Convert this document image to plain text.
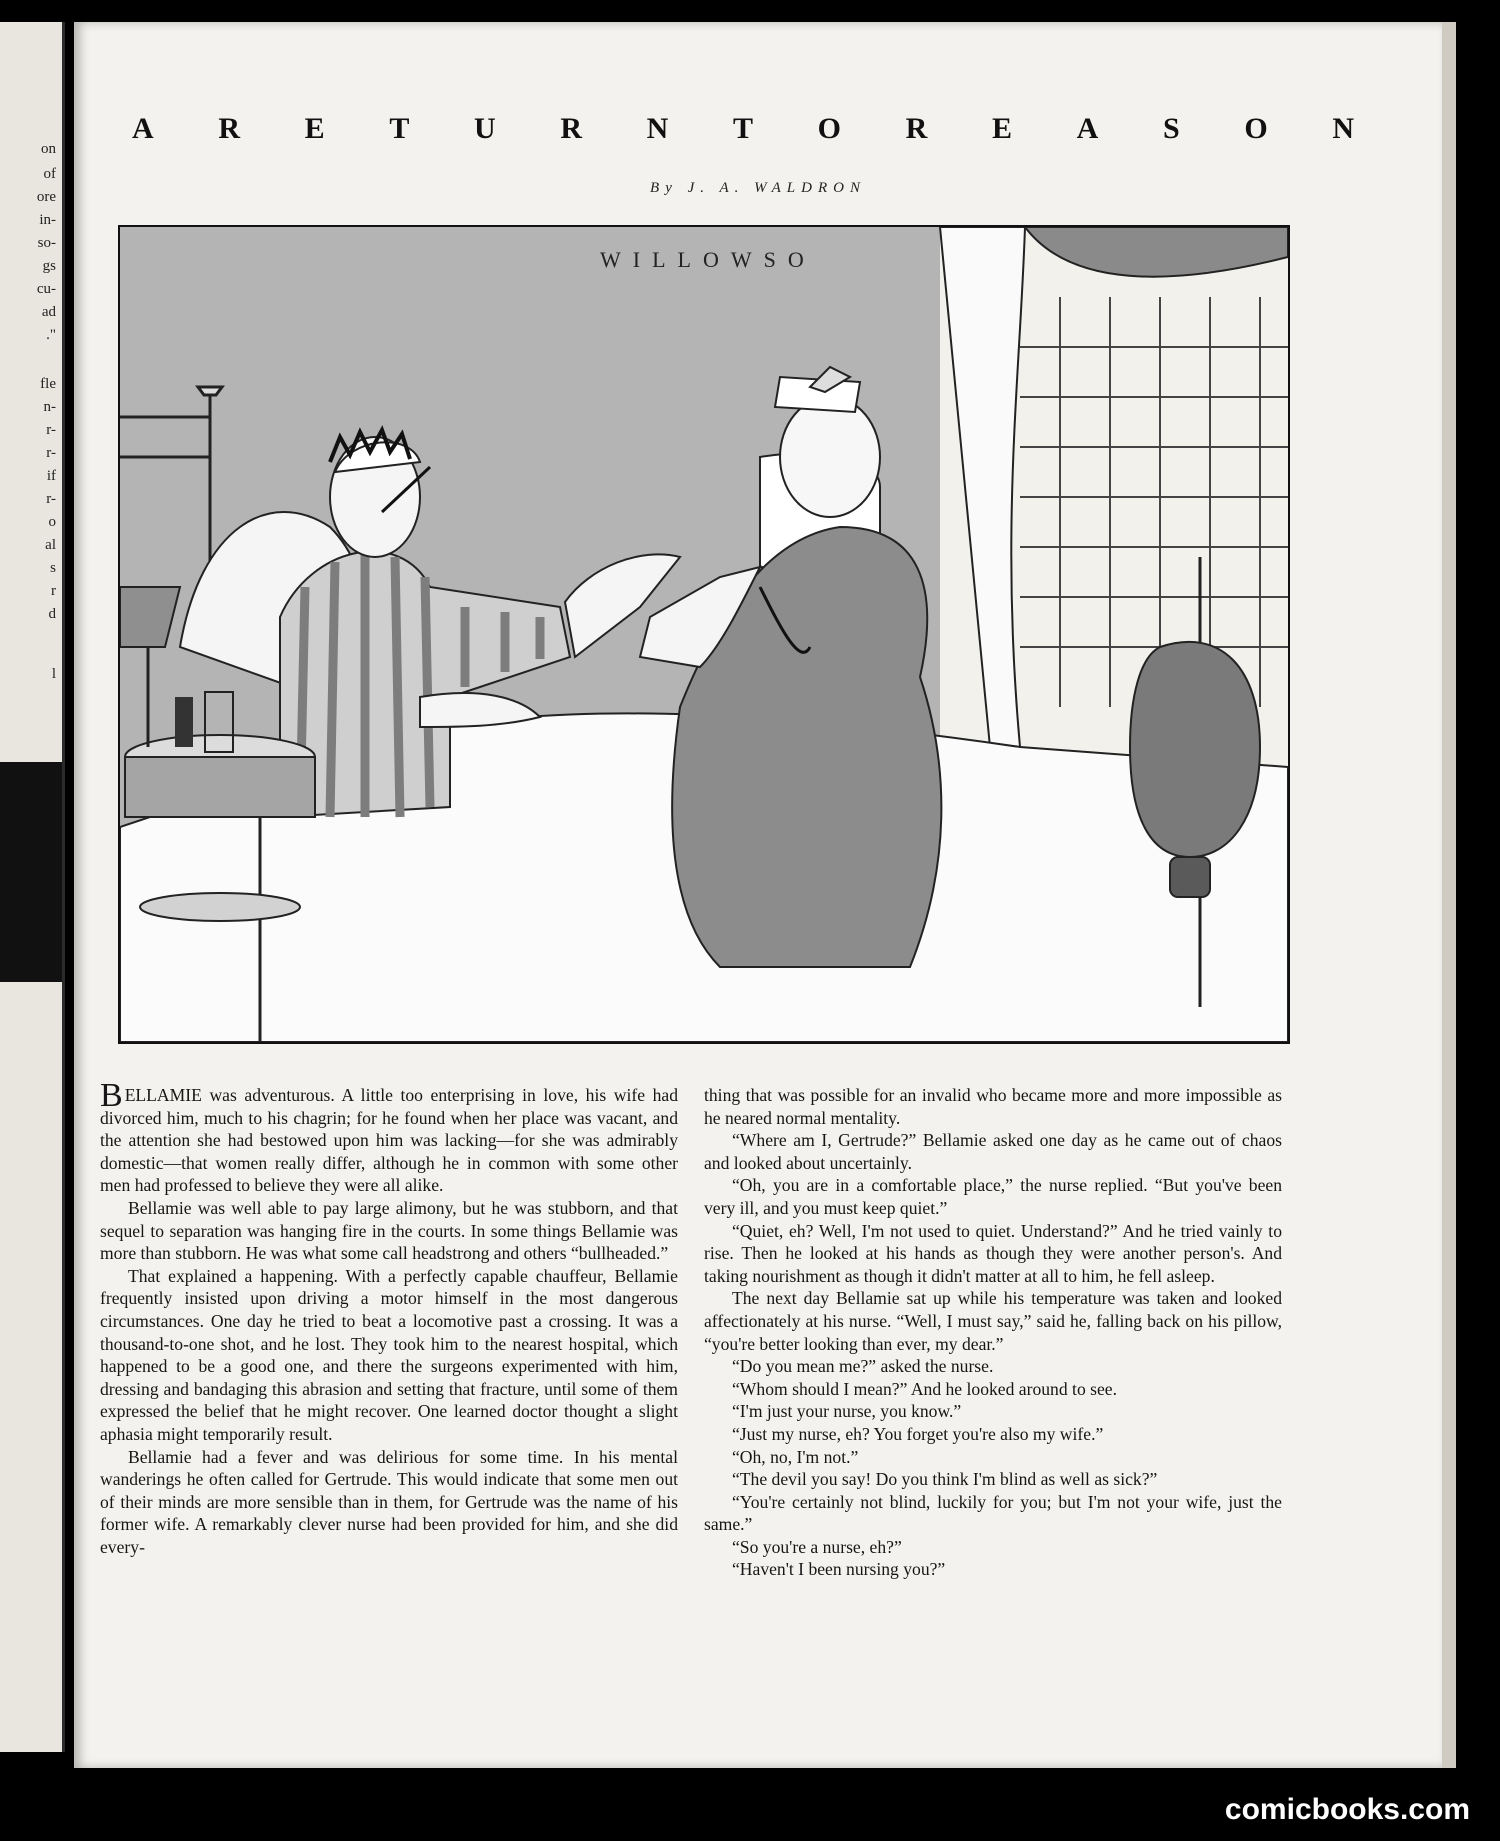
on
of
ore
in-
so-
gs
cu-
ad
."
fle
n-
r-
r-
if
r-
o
al
s
r
d
l
A R E T U R N T O R E A S O N
By J. A. WALDRON
WILLOWSO

BELLAMIE was adventurous. A little too enterprising in love, his wife had divorced him, much to his chagrin; for he found when her place was vacant, and the attention she had bestowed upon him was lacking—for she was admirably domestic—that women really differ, although he in common with some other men had professed to believe they were all alike.

Bellamie was well able to pay large alimony, but he was stubborn, and that sequel to separation was hanging fire in the courts. In some things Bellamie was more than stubborn. He was what some call headstrong and others “bullheaded.”

That explained a happening. With a perfectly capable chauffeur, Bellamie frequently insisted upon driving a motor himself in the most dangerous circumstances. One day he tried to beat a locomotive past a crossing. It was a thousand-to-one shot, and he lost. They took him to the nearest hospital, which happened to be a good one, and there the surgeons experimented with him, dressing and bandaging this abrasion and setting that fracture, until some of them expressed the belief that he might recover. One learned doctor thought a slight aphasia might temporarily result.

Bellamie had a fever and was delirious for some time. In his mental wanderings he often called for Gertrude. This would indicate that some men out of their minds are more sensible than in them, for Gertrude was the name of his former wife. A remarkably clever nurse had been provided for him, and she did every-

thing that was possible for an invalid who became more and more impossible as he neared normal mentality.

“Where am I, Gertrude?” Bellamie asked one day as he came out of chaos and looked about uncertainly.

“Oh, you are in a comfortable place,” the nurse replied. “But you've been very ill, and you must keep quiet.”

“Quiet, eh? Well, I'm not used to quiet. Understand?” And he tried vainly to rise. Then he looked at his hands as though they were another person's. And taking nourishment as though it didn't matter at all to him, he fell asleep.

The next day Bellamie sat up while his temperature was taken and looked affectionately at his nurse. “Well, I must say,” said he, falling back on his pillow, “you're better looking than ever, my dear.”

“Do you mean me?” asked the nurse.

“Whom should I mean?” And he looked around to see.

“I'm just your nurse, you know.”

“Just my nurse, eh? You forget you're also my wife.”

“Oh, no, I'm not.”

“The devil you say! Do you think I'm blind as well as sick?”

“You're certainly not blind, luckily for you; but I'm not your wife, just the same.”

“So you're a nurse, eh?”

“Haven't I been nursing you?”

comicbooks.com
